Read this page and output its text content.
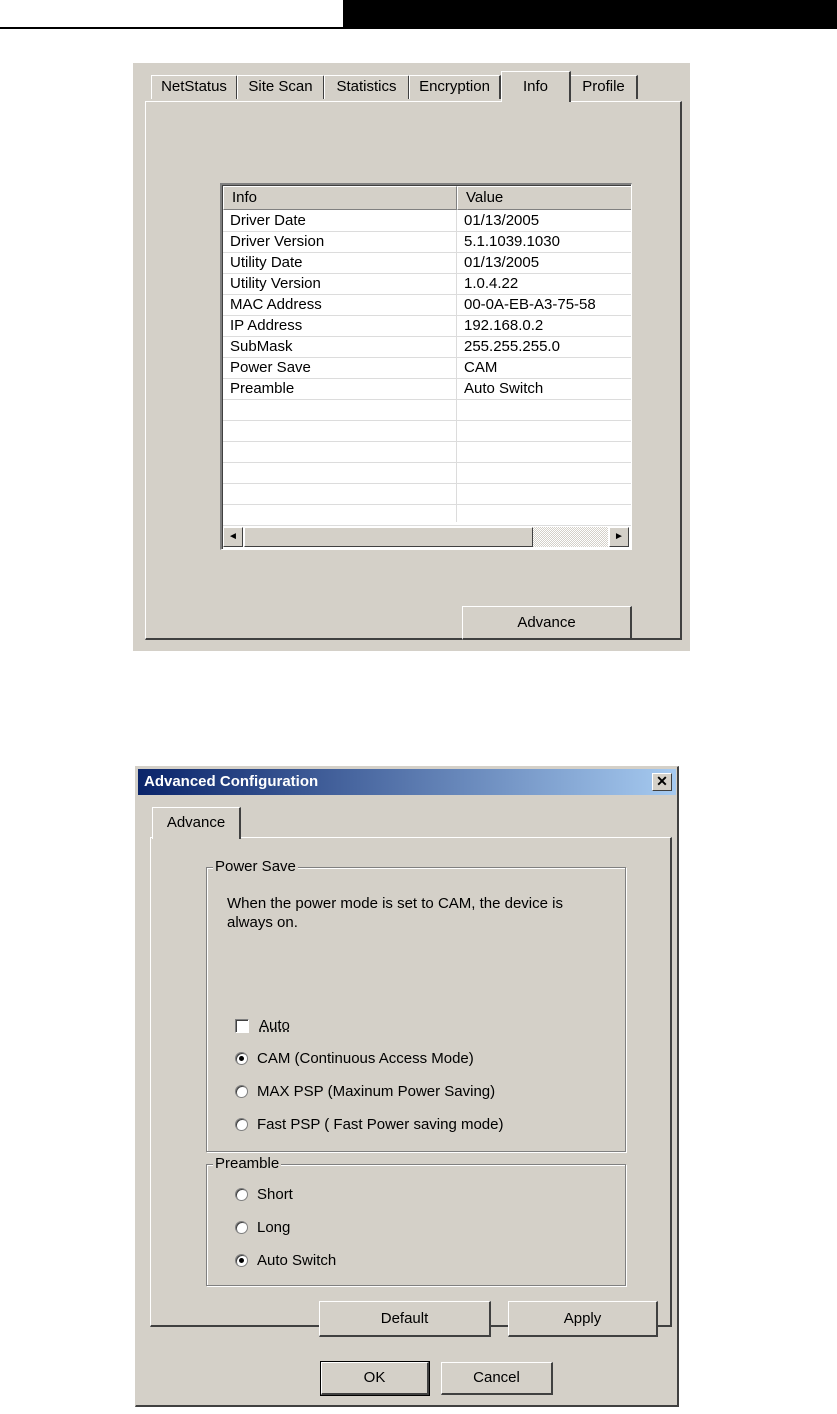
NetStatus	Site Scan	Statistics	Encryption	Info	Profile
Info	Value
Driver Date	01/13/2005
Driver Version	5.1.1039.1030
Utility Date	01/13/2005
Utility Version	1.0.4.22
MAC Address	00-0A-EB-A3-75-58
IP Address	192.168.0.2
SubMask	255.255.255.0
Power Save	CAM
Preamble	Auto Switch
◄	►
Advance
Advanced Configuration	✕
Advance
Power Save
When the power mode is set to CAM, the device is always on.
Auto
CAM (Continuous Access Mode)
MAX PSP (Maxinum Power Saving)
Fast PSP ( Fast Power saving mode)
Preamble
Short
Long
Auto Switch
Default	Apply
OK	Cancel
